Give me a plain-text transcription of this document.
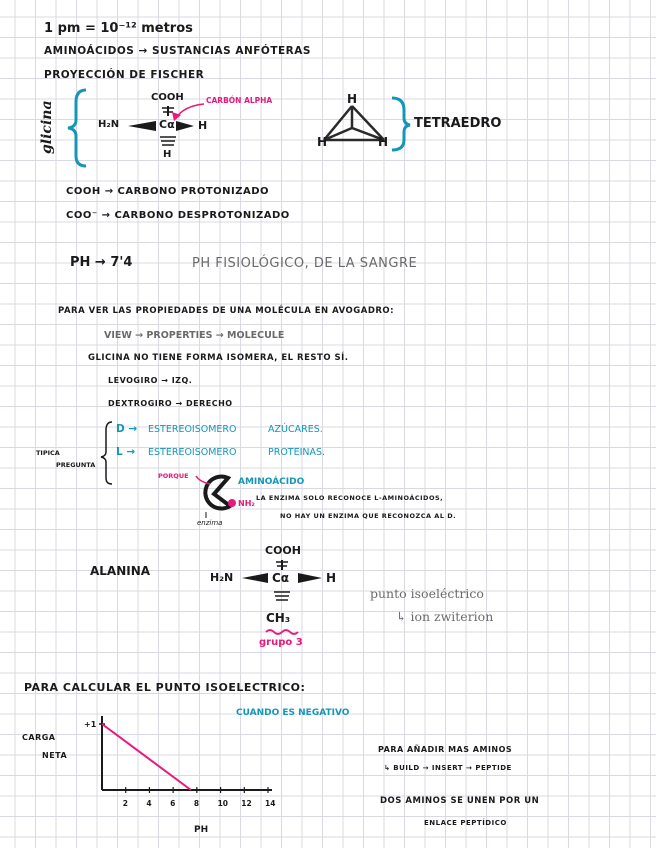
1 pm = 10⁻¹² metros
AMINOÁCIDOS → SUSTANCIAS ANFÓTERAS
PROYECCIÓN DE FISCHER
glicina
COOH
H₂N	Cα H
H
CARBÓN ALPHA	H
H	H
TETRAEDRO
COOH → CARBONO PROTONIZADO
COO⁻ → CARBONO DESPROTONIZADO
PH → 7'4	PH FISIOLÓGICO, DE LA SANGRE
PARA VER LAS PROPIEDADES DE UNA MOLÉCULA EN AVOGADRO:
VIEW → PROPERTIES → MOLECULE
GLICINA NO TIENE FORMA ISOMERA, EL RESTO SÍ.
LEVOGIRO → IZQ.
DEXTROGIRO → DERECHO
D → ESTEREOISOMERO	AZÚCARES.
L → ESTEREOISOMERO	PROTEINAS.
TIPICA
PREGUNTA
PORQUE
AMINOÁCIDO
NH₂
enzima
LA ENZIMA SOLO RECONOCE L-AMINOÁCIDOS,
NO HAY UN ENZIMA QUE RECONOZCA AL D.
ALANINA
COOH
H₂N	Cα	H
CH₃
grupo 3
punto isoeléctrico
↳ ion zwiterion
PARA CALCULAR EL PUNTO ISOELECTRICO:
CUANDO ES NEGATIVO
CARGA
NETA
PH
+1
2 4 6 8 10 12 14
PARA AÑADIR MAS AMINOS
↳ BUILD → INSERT → PEPTIDE
DOS AMINOS SE UNEN POR UN
ENLACE PEPTÍDICO
